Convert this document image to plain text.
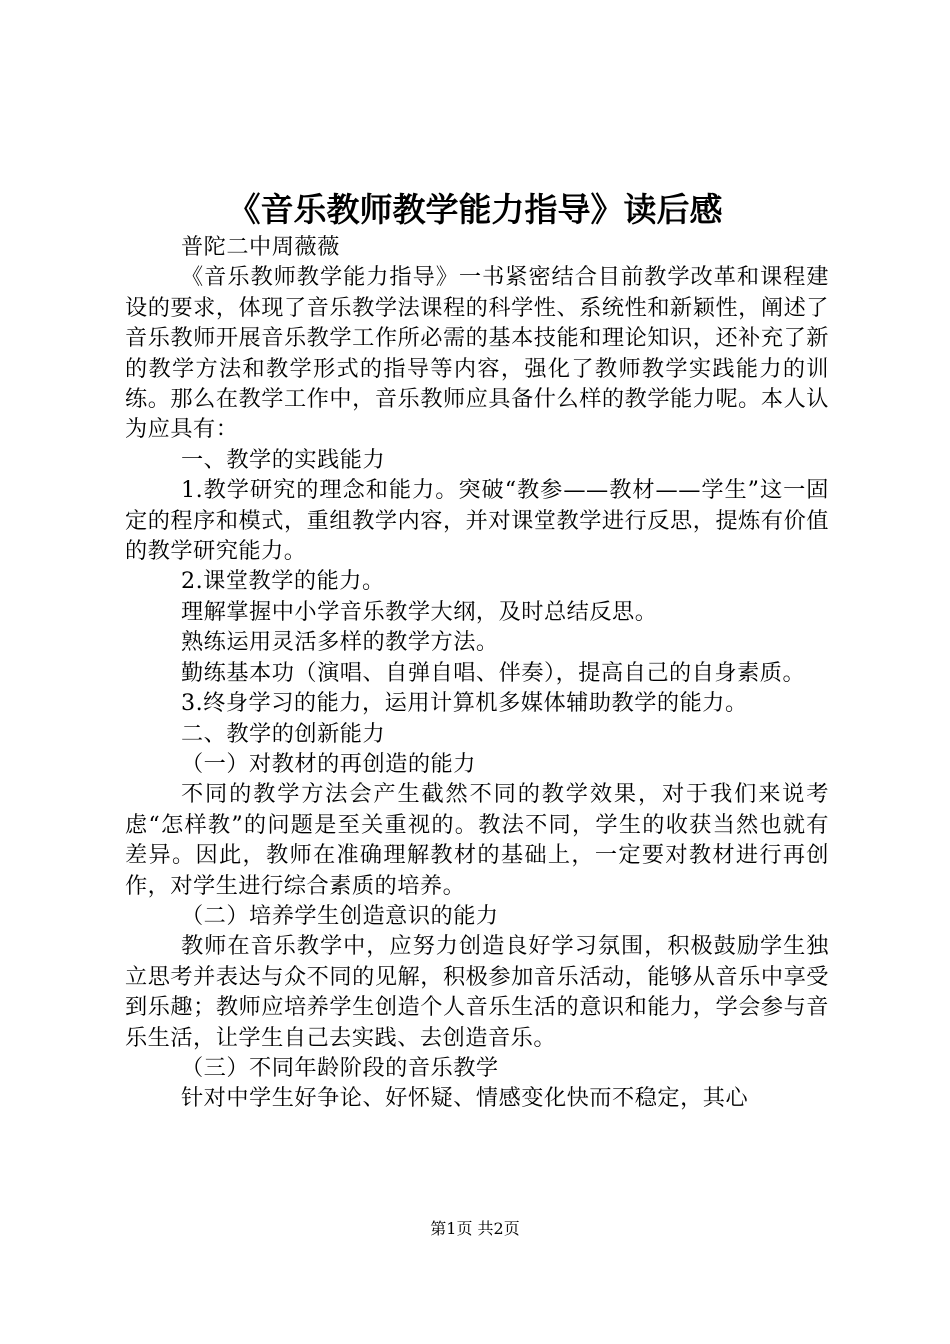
《音乐教师教学能力指导》读后感

普陀二中周薇薇

《音乐教师教学能力指导》一书紧密结合目前教学改革和课程建设的要求，体现了音乐教学法课程的科学性、系统性和新颖性，阐述了音乐教师开展音乐教学工作所必需的基本技能和理论知识，还补充了新的教学方法和教学形式的指导等内容，强化了教师教学实践能力的训练。那么在教学工作中，音乐教师应具备什么样的教学能力呢。本人认为应具有：

一、教学的实践能力

1.教学研究的理念和能力。突破“教参——教材——学生”这一固定的程序和模式，重组教学内容，并对课堂教学进行反思，提炼有价值的教学研究能力。

2.课堂教学的能力。

理解掌握中小学音乐教学大纲，及时总结反思。

熟练运用灵活多样的教学方法。

勤练基本功（演唱、自弹自唱、伴奏），提高自己的自身素质。

3.终身学习的能力，运用计算机多媒体辅助教学的能力。

二、教学的创新能力

（一）对教材的再创造的能力

不同的教学方法会产生截然不同的教学效果，对于我们来说考虑“怎样教”的问题是至关重视的。教法不同，学生的收获当然也就有差异。因此，教师在准确理解教材的基础上，一定要对教材进行再创作，对学生进行综合素质的培养。

（二）培养学生创造意识的能力

教师在音乐教学中，应努力创造良好学习氛围，积极鼓励学生独立思考并表达与众不同的见解，积极参加音乐活动，能够从音乐中享受到乐趣；教师应培养学生创造个人音乐生活的意识和能力，学会参与音乐生活，让学生自己去实践、去创造音乐。

（三）不同年龄阶段的音乐教学

针对中学生好争论、好怀疑、情感变化快而不稳定，其心

第1页 共2页
